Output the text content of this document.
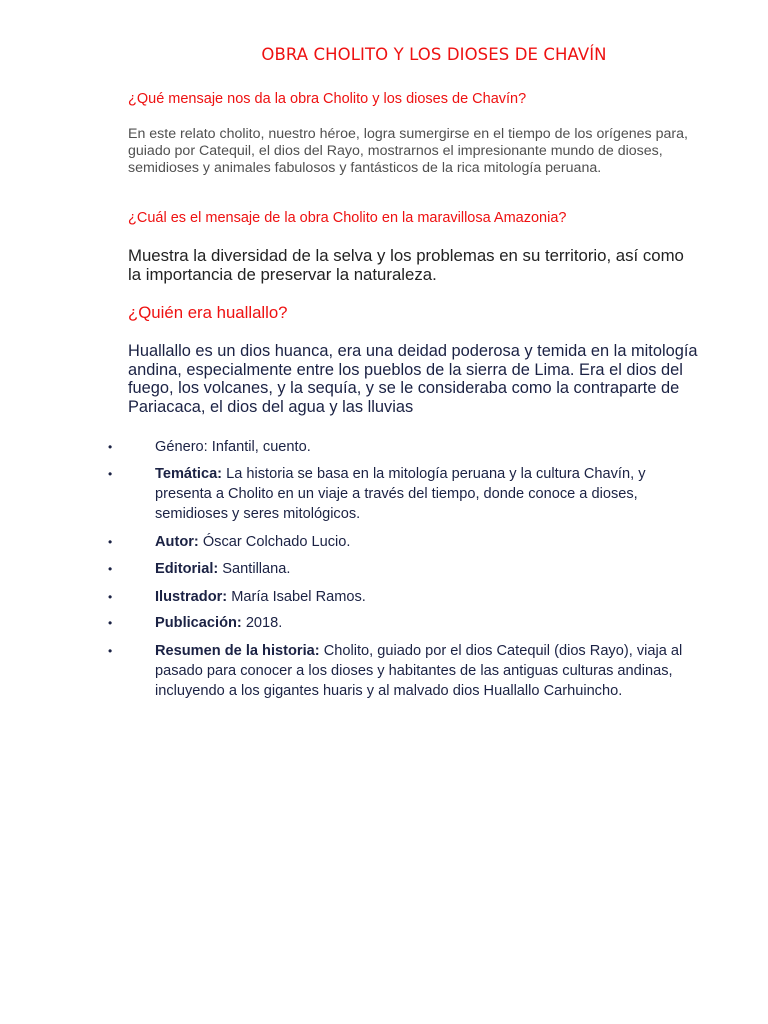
OBRA CHOLITO Y LOS DIOSES DE CHAVÍN
¿Qué mensaje nos da la obra Cholito y los dioses de Chavín?

En este relato cholito, nuestro héroe, logra sumergirse en el tiempo de los orígenes para, guiado por Catequil, el dios del Rayo, mostrarnos el impresionante mundo de dioses, semidioses y animales fabulosos y fantásticos de la rica mitología peruana.

¿Cuál es el mensaje de la obra Cholito en la maravillosa Amazonia?

Muestra la diversidad de la selva y los problemas en su territorio, así como la importancia de preservar la naturaleza.

¿Quién era huallallo?

Huallallo es un dios huanca, era una deidad poderosa y temida en la mitología andina, especialmente entre los pueblos de la sierra de Lima. Era el dios del fuego, los volcanes, y la sequía, y se le consideraba como la contraparte de Pariacaca, el dios del agua y las lluvias

•	Género: Infantil, cuento.
•	Temática: La historia se basa en la mitología peruana y la cultura Chavín, y presenta a Cholito en un viaje a través del tiempo, donde conoce a dioses, semidioses y seres mitológicos.
•	Autor: Óscar Colchado Lucio.
•	Editorial: Santillana.
•	Ilustrador: María Isabel Ramos.
•	Publicación: 2018.
•	Resumen de la historia: Cholito, guiado por el dios Catequil (dios Rayo), viaja al pasado para conocer a los dioses y habitantes de las antiguas culturas andinas, incluyendo a los gigantes huaris y al malvado dios Huallallo Carhuincho.
